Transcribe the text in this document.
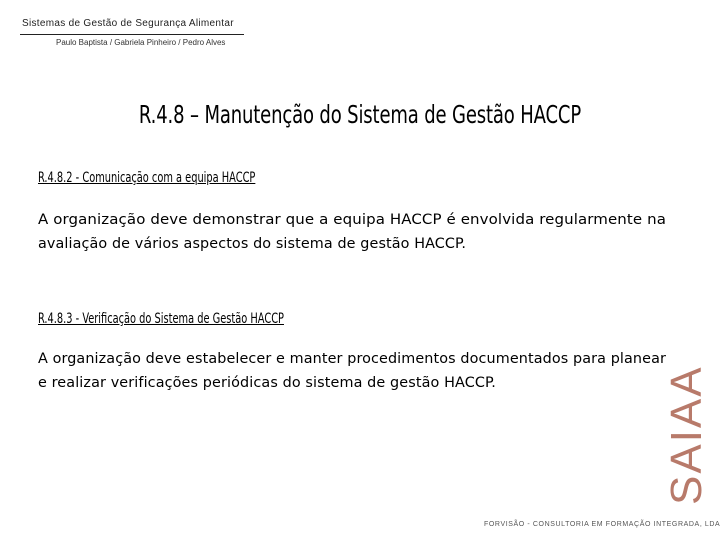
Sistemas de Gestão de Segurança Alimentar
Paulo Baptista / Gabriela Pinheiro / Pedro Alves
R.4.8 – Manutenção do Sistema de Gestão HACCP
R.4.8.2 - Comunicação com a equipa HACCP
A organização deve demonstrar que a equipa HACCP é envolvida regularmente na
avaliação de vários aspectos do sistema de gestão HACCP.
R.4.8.3 - Verificação do Sistema de Gestão HACCP
A organização deve estabelecer e manter procedimentos documentados para planear
e realizar verificações periódicas do sistema de gestão HACCP.	SAIAA
FORVISÃO - CONSULTORIA EM FORMAÇÃO INTEGRADA, LDA
